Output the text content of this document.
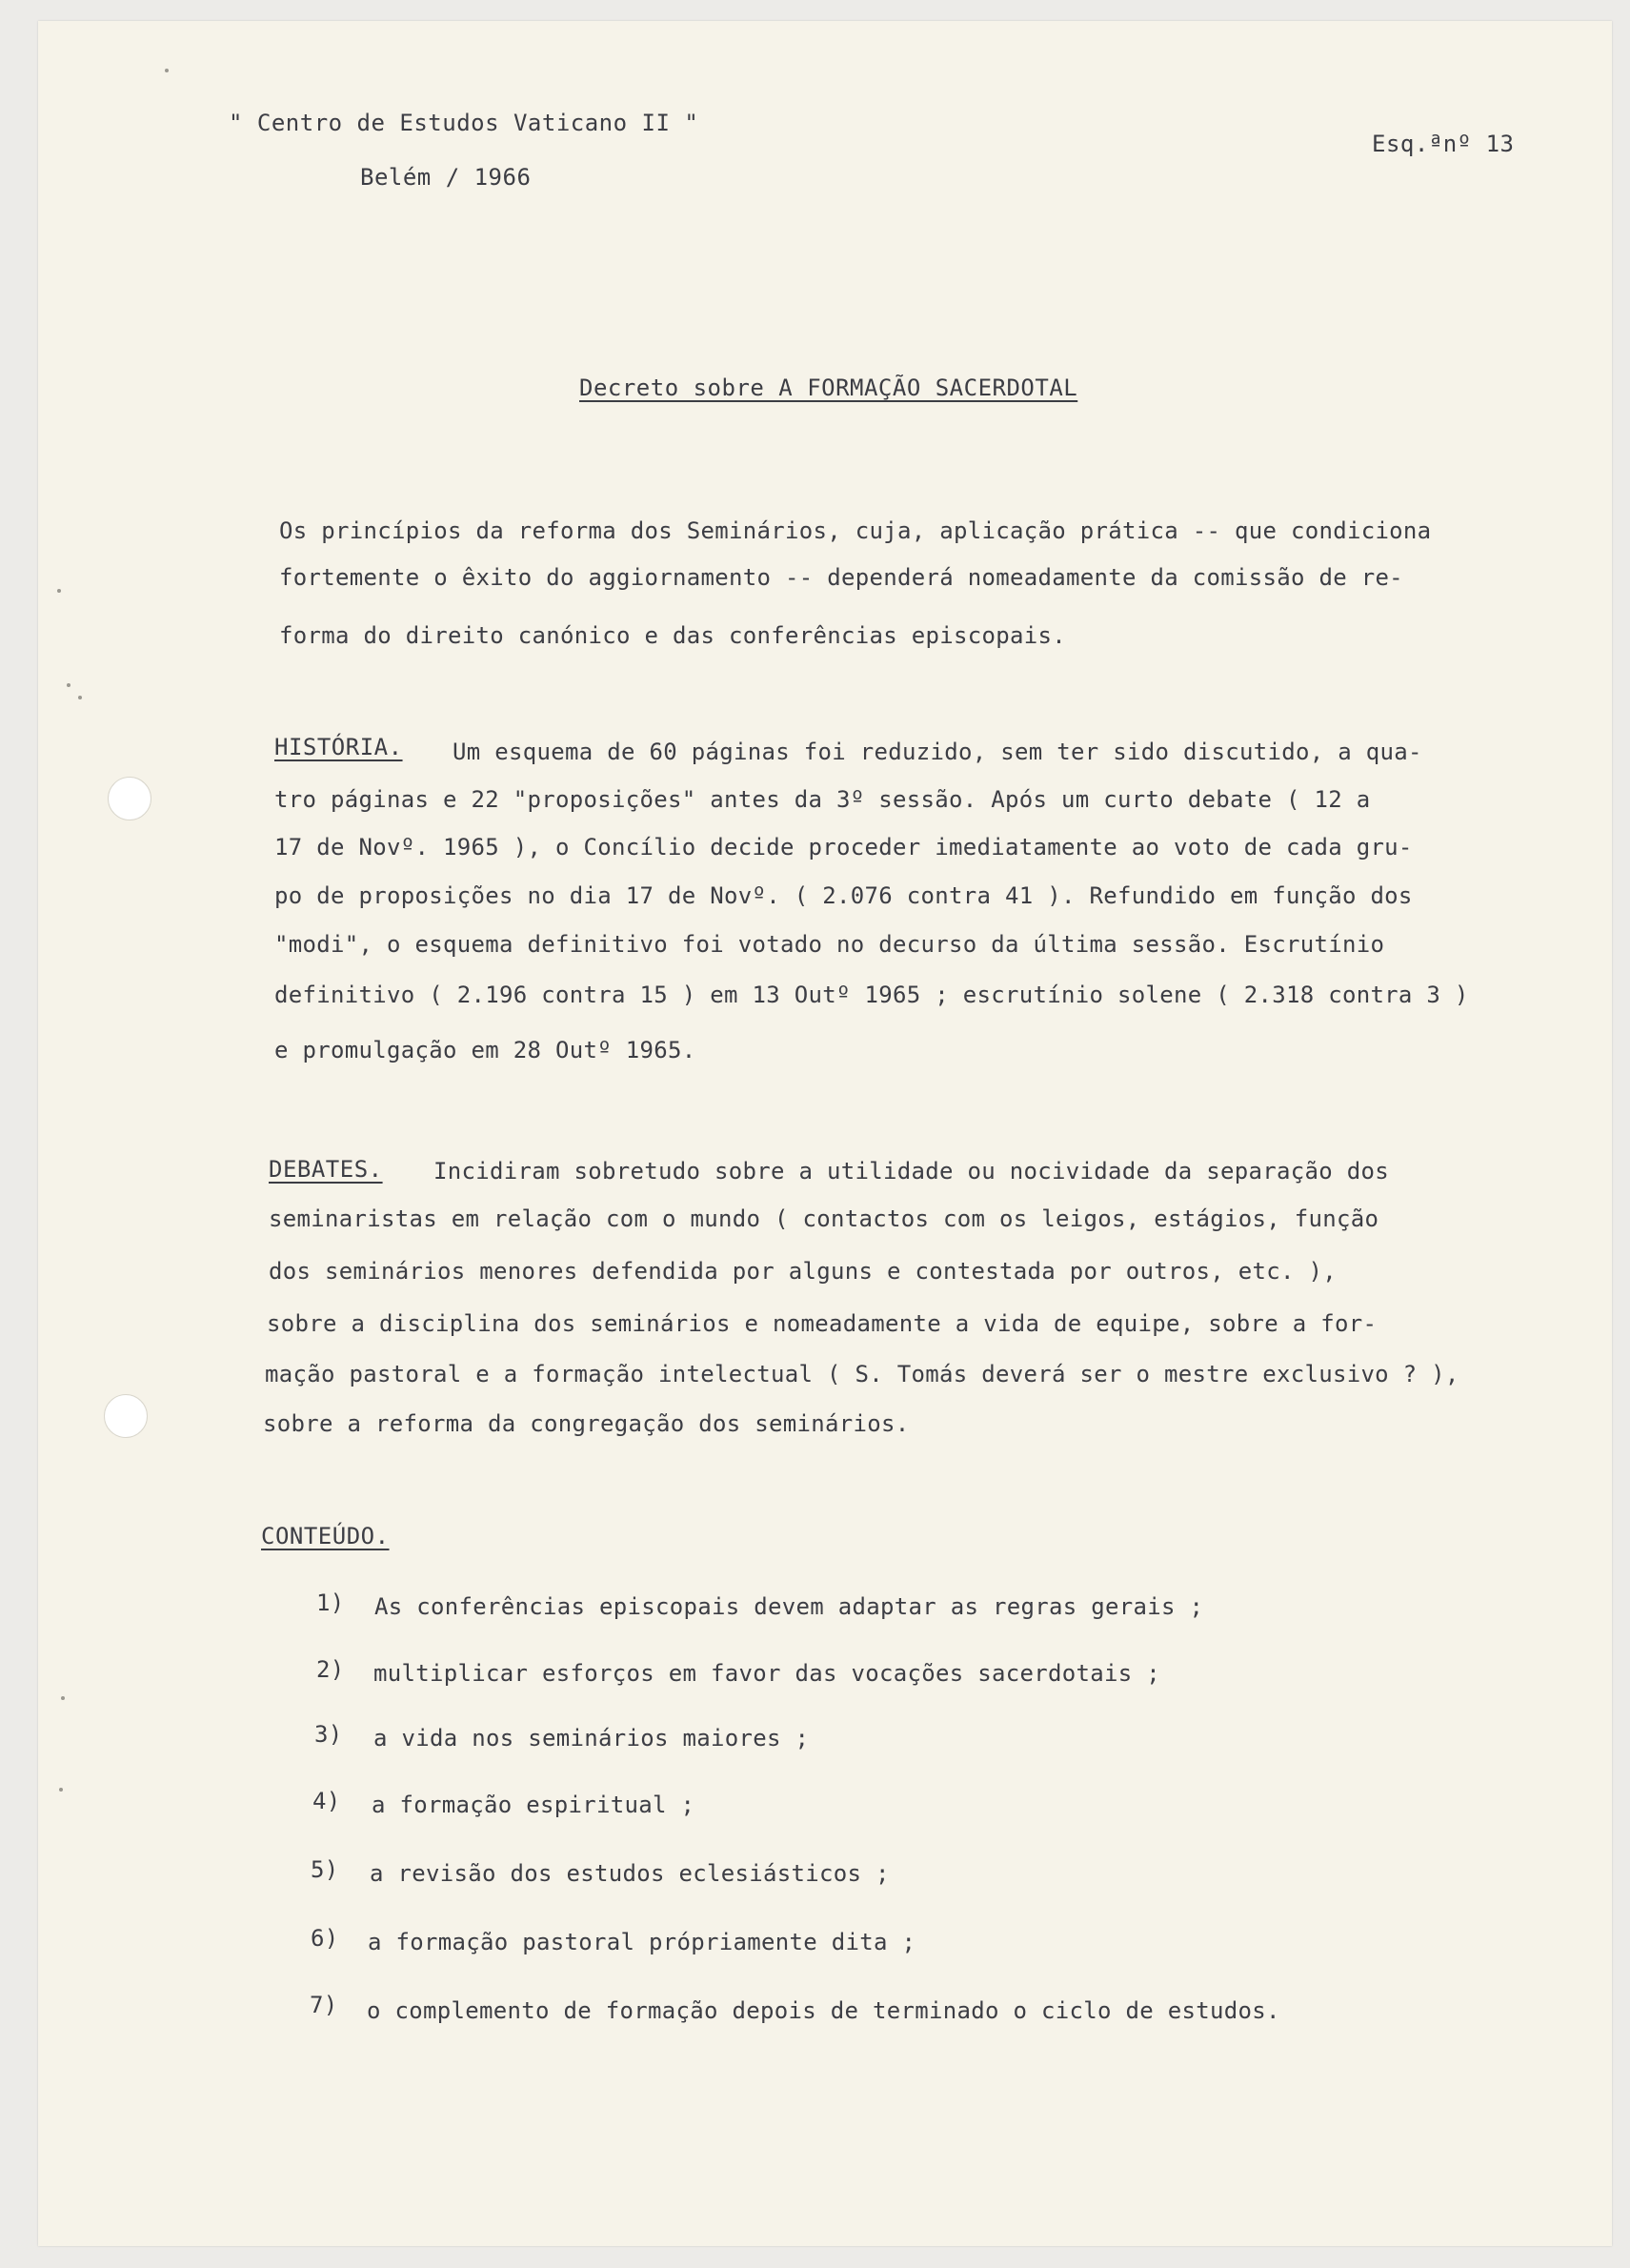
" Centro de Estudos Vaticano II "
Belém / 1966
Esq.ªnº 13
Decreto sobre A FORMAÇÃO SACERDOTAL
Os princípios da reforma dos Seminários, cuja, aplicação prática -- que condiciona
fortemente o êxito do aggiornamento -- dependerá nomeadamente da comissão de re-
forma do direito canónico e das conferências episcopais.
HISTÓRIA. Um esquema de 60 páginas foi reduzido, sem ter sido discutido, a qua-
tro páginas e 22 "proposições" antes da 3º sessão. Após um curto debate ( 12 a
17 de Novº. 1965 ), o Concílio decide proceder imediatamente ao voto de cada gru-
po de proposições no dia 17 de Novº. ( 2.076 contra 41 ). Refundido em função dos
"modi", o esquema definitivo foi votado no decurso da última sessão. Escrutínio
definitivo ( 2.196 contra 15 ) em 13 Outº 1965 ; escrutínio solene ( 2.318 contra 3 )
e promulgação em 28 Outº 1965.
DEBATES. Incidiram sobretudo sobre a utilidade ou nocividade da separação dos
seminaristas em relação com o mundo ( contactos com os leigos, estágios, função
dos seminários menores defendida por alguns e contestada por outros, etc. ),
sobre a disciplina dos seminários e nomeadamente a vida de equipe, sobre a for-
mação pastoral e a formação intelectual ( S. Tomás deverá ser o mestre exclusivo ? ),
sobre a reforma da congregação dos seminários.
CONTEÚDO.
1) As conferências episcopais devem adaptar as regras gerais ;
2) multiplicar esforços em favor das vocações sacerdotais ;
3) a vida nos seminários maiores ;
4) a formação espiritual ;
5) a revisão dos estudos eclesiásticos ;
6) a formação pastoral própriamente dita ;
7) o complemento de formação depois de terminado o ciclo de estudos.
